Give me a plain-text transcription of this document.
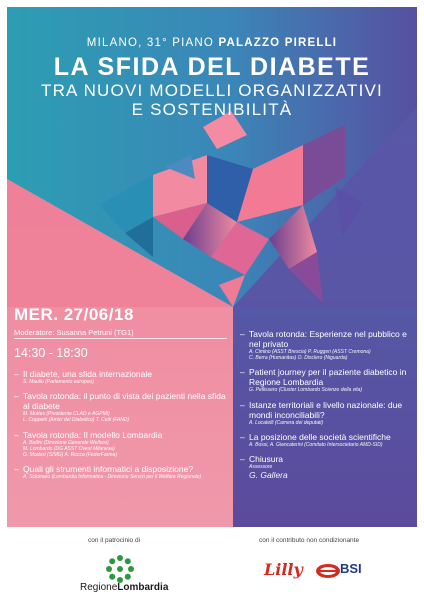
MILANO, 31° PIANO PALAZZO PIRELLI
LA SFIDA DEL DIABETE
TRA NUOVI MODELLI ORGANIZZATIVI
E SOSTENIBILITÀ
MER. 27/06/18
Moderatore: Susanna Petruni (TG1)
14:30 - 18:30
– Il diabete, una sfida internazionale
S. Maullu (Parlamento europeo)
– Tavola rotonda: il punto di vista dei pazienti nella sfida al diabete
M. Mottes (Presidente CLAD e AGPMI)
L. Coppetti (Amici del Diabetico) T. Ceiti (FAND)
– Tavola rotonda: Il modello Lombardia
A. Bellini (Direzione Generale Welfare)
M. Lombardo (DG ASST Ovest Milanese)
G. Modesi (SIMG) A. Rocca (FederFarma)
– Quali gli strumenti informatici a disposizione?
A. Sciomaro (Lombardia Informatica - Direzione Servizi per il Welfare Regionale)
– Tavola rotonda: Esperienze nel pubblico e nel privato
A. Cimino (ASST Brescia) P. Ruggeri (ASST Cremona)
C. Berra (Humanitas) O. Disclero (Niguarda)
– Patient journey per il paziente diabetico in Regione Lombardia
G. Pellissero (Cluster Lombardo Scienze della vita)
– Istanze territoriali e livello nazionale: due mondi inconciliabili?
A. Locatelli (Camera dei deputati)
– La posizione delle società scientifiche
A. Bossi, A. Giancaterini (Comitato Intersocietario AMD-SID)
– Chiusura
Assessore
G. Gallera
con il patrocinio di	con il contributo non condizionante
RegioneLombardia
Lilly	BSI
